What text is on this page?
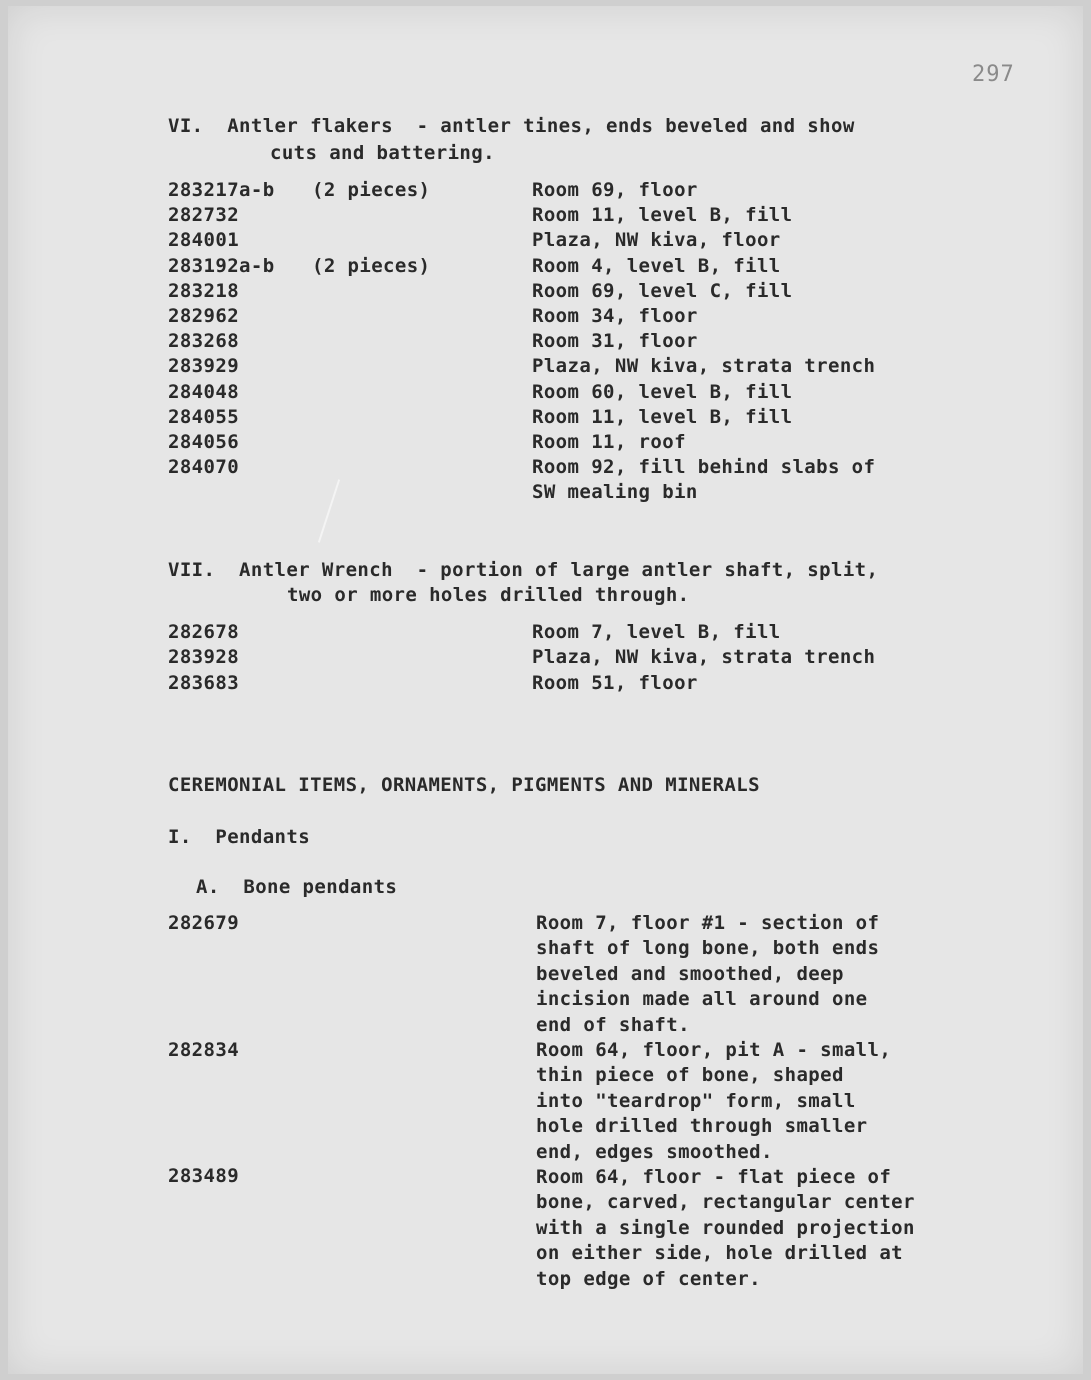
297
VI.  Antler flakers  - antler tines, ends beveled and show
cuts and battering.
283217a-b (2 pieces)	Room 69, floor
282732	Room 11, level B, fill
284001	Plaza, NW kiva, floor
283192a-b (2 pieces)	Room 4, level B, fill
283218	Room 69, level C, fill
282962	Room 34, floor
283268	Room 31, floor
283929	Plaza, NW kiva, strata trench
284048	Room 60, level B, fill
284055	Room 11, level B, fill
284056	Room 11, roof
284070	Room 92, fill behind slabs of
SW mealing bin
VII.  Antler Wrench  - portion of large antler shaft, split,
two or more holes drilled through.
282678	Room 7, level B, fill
283928	Plaza, NW kiva, strata trench
283683	Room 51, floor
CEREMONIAL ITEMS, ORNAMENTS, PIGMENTS AND MINERALS
I.  Pendants
A.  Bone pendants
282679	Room 7, floor #1 - section of
shaft of long bone, both ends
beveled and smoothed, deep
incision made all around one
end of shaft.
282834	Room 64, floor, pit A - small,
thin piece of bone, shaped
into "teardrop" form, small
hole drilled through smaller
end, edges smoothed.
283489	Room 64, floor - flat piece of
bone, carved, rectangular center
with a single rounded projection
on either side, hole drilled at
top edge of center.
